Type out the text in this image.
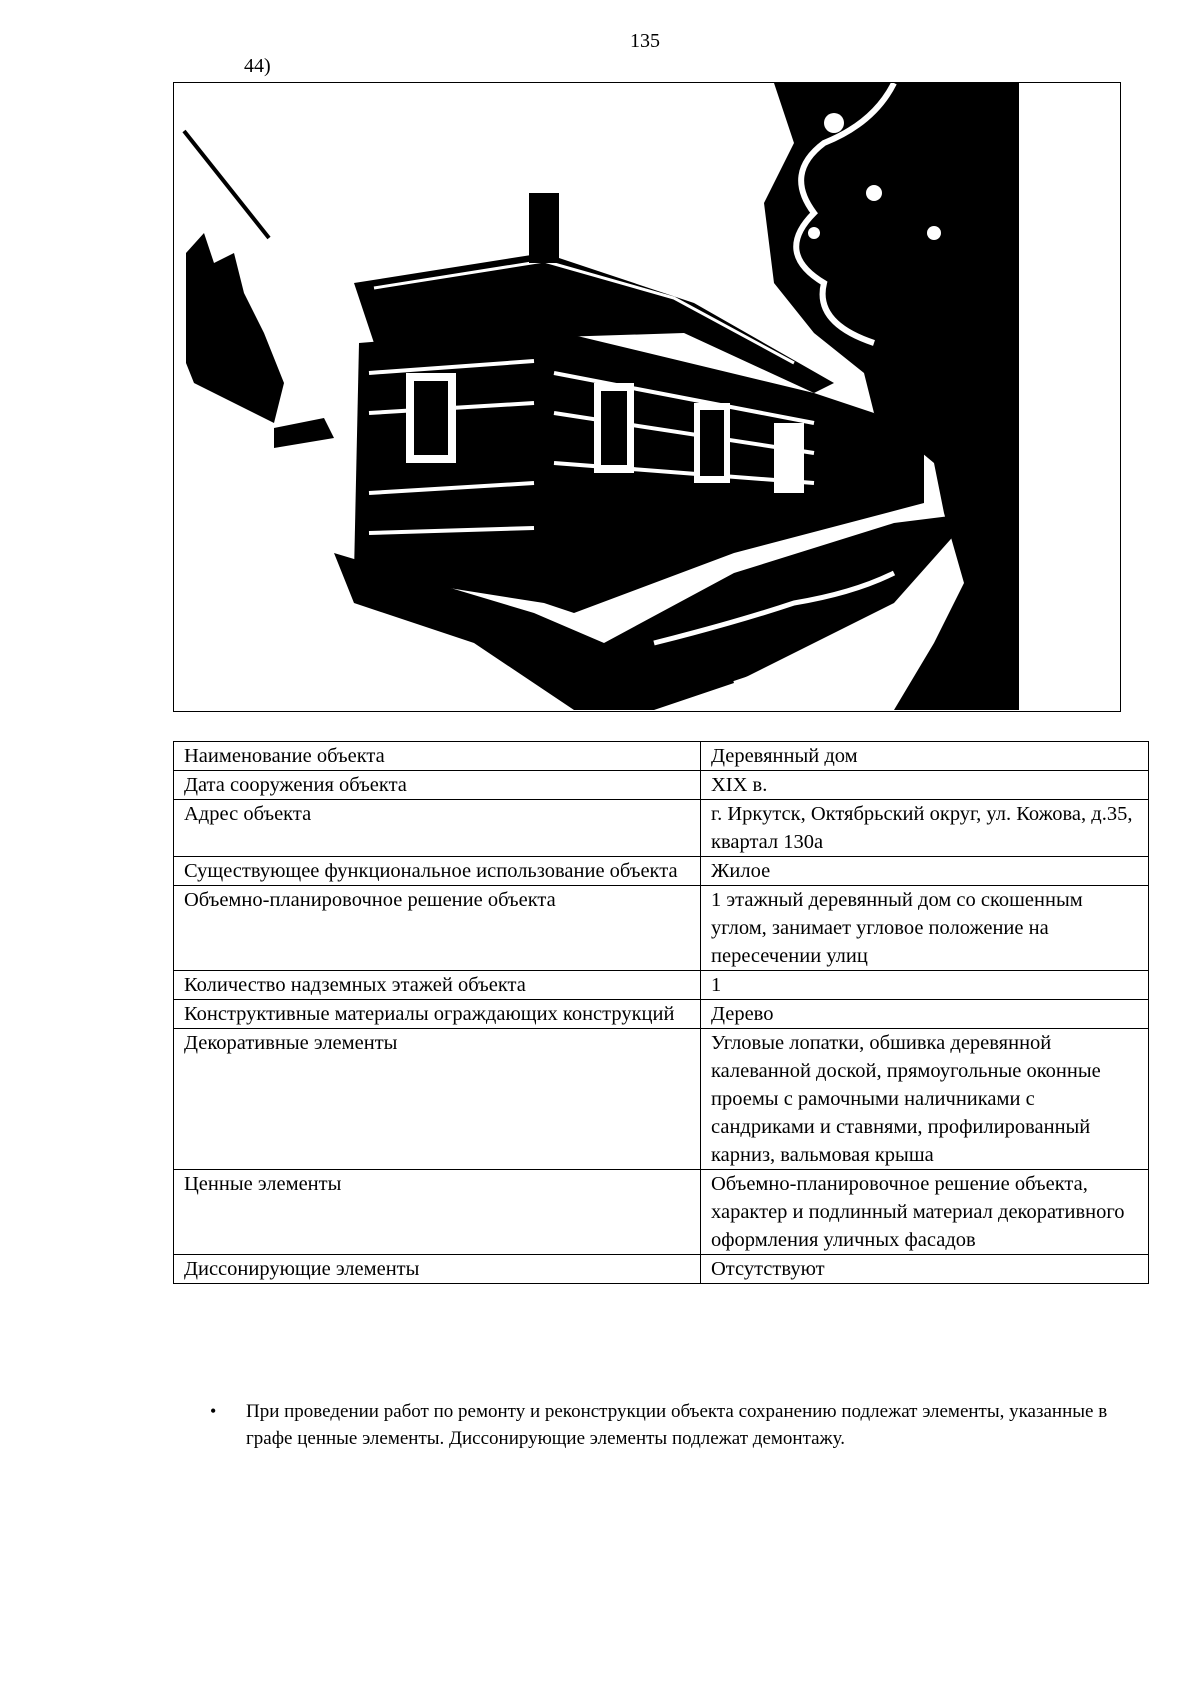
135
44)
Наименование объекта	Деревянный дом
Дата сооружения объекта	XIX в.
Адрес объекта	г. Иркутск, Октябрьский округ, ул. Кожова, д.35, квартал 130а
Существующее функциональное использование объекта	Жилое
Объемно-планировочное решение объекта	1 этажный деревянный дом со скошенным углом, занимает угловое положение на пересечении улиц
Количество надземных этажей объекта	1
Конструктивные материалы ограждающих конструкций	Дерево
Декоративные элементы	Угловые лопатки, обшивка деревянной калеванной доской, прямоугольные оконные проемы с рамочными наличниками с сандриками и ставнями, профилированный карниз, вальмовая крыша
Ценные элементы	Объемно-планировочное решение объекта, характер и подлинный материал декоративного оформления уличных фасадов
Диссонирующие элементы	Отсутствуют
• При проведении работ по ремонту и реконструкции объекта сохранению подлежат элементы, указанные в графе ценные элементы. Диссонирующие элементы подлежат демонтажу.
